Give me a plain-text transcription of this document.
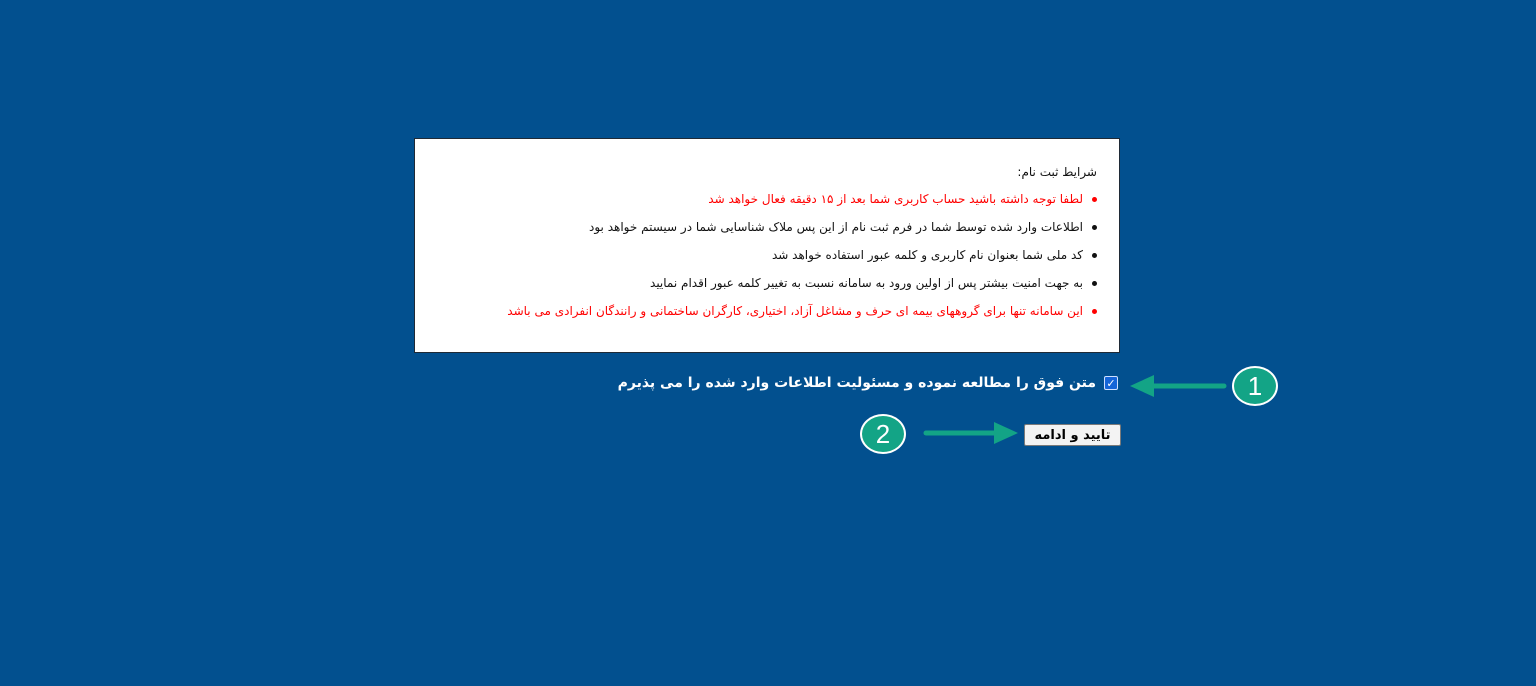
شرایط ثبت نام:
لطفا توجه داشته باشید حساب کاربری شما بعد از ۱۵ دقیقه فعال خواهد شد
اطلاعات وارد شده توسط شما در فرم ثبت نام از این پس ملاک شناسایی شما در سیستم خواهد بود
کد ملی شما بعنوان نام کاربری و کلمه عبور استفاده خواهد شد
به جهت امنیت بیشتر پس از اولین ورود به سامانه نسبت به تغییر کلمه عبور اقدام نمایید
این سامانه تنها برای گروههای بیمه ای حرف و مشاغل آزاد، اختیاری، کارگران ساختمانی و رانندگان انفرادی می باشد
✓
متن فوق را مطالعه نموده و مسئولیت اطلاعات وارد شده را می پذیرم
تایید و ادامه
1
2
